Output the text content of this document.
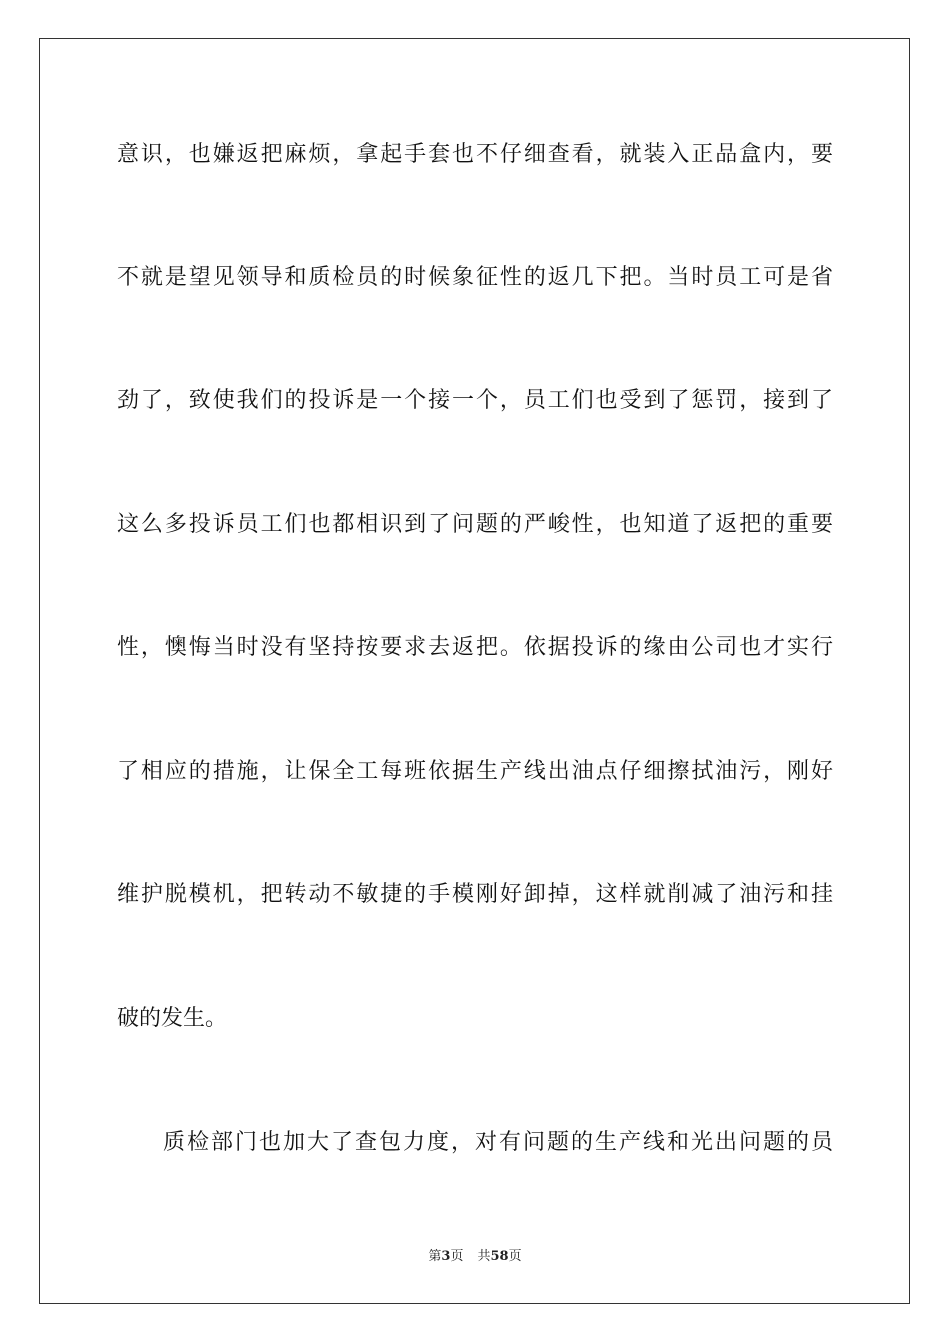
意识，也嫌返把麻烦，拿起手套也不仔细查看，就装入正品盒内，要
不就是望见领导和质检员的时候象征性的返几下把。当时员工可是省
劲了，致使我们的投诉是一个接一个，员工们也受到了惩罚，接到了
这么多投诉员工们也都相识到了问题的严峻性，也知道了返把的重要
性，懊悔当时没有坚持按要求去返把。依据投诉的缘由公司也才实行
了相应的措施，让保全工每班依据生产线出油点仔细擦拭油污，刚好
维护脱模机，把转动不敏捷的手模刚好卸掉，这样就削减了油污和挂
破的发生。
质检部门也加大了查包力度，对有问题的生产线和光出问题的员
第3页 共58页
